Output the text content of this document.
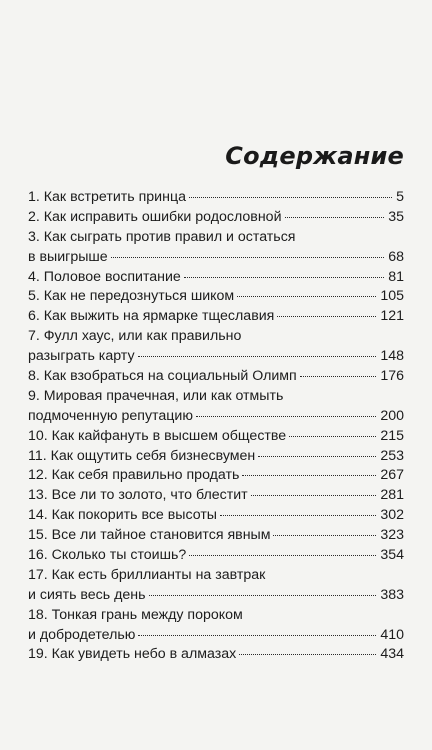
Содержание
1. Как встретить принца	5
2. Как исправить ошибки родословной	35
3. Как сыграть против правил и остаться
в выигрыше	68
4. Половое воспитание	81
5. Как не передознуться шиком	105
6. Как выжить на ярмарке тщеславия	121
7. Фулл хаус, или как правильно
разыграть карту	148
8. Как взобраться на социальный Олимп	176
9. Мировая прачечная, или как отмыть
подмоченную репутацию	200
10. Как кайфануть в высшем обществе	215
11. Как ощутить себя бизнесвумен	253
12. Как себя правильно продать	267
13. Все ли то золото, что блестит	281
14. Как покорить все высоты	302
15. Все ли тайное становится явным	323
16. Сколько ты стоишь?	354
17. Как есть бриллианты на завтрак
и сиять весь день	383
18. Тонкая грань между пороком
и добродетелью	410
19. Как увидеть небо в алмазах	434
